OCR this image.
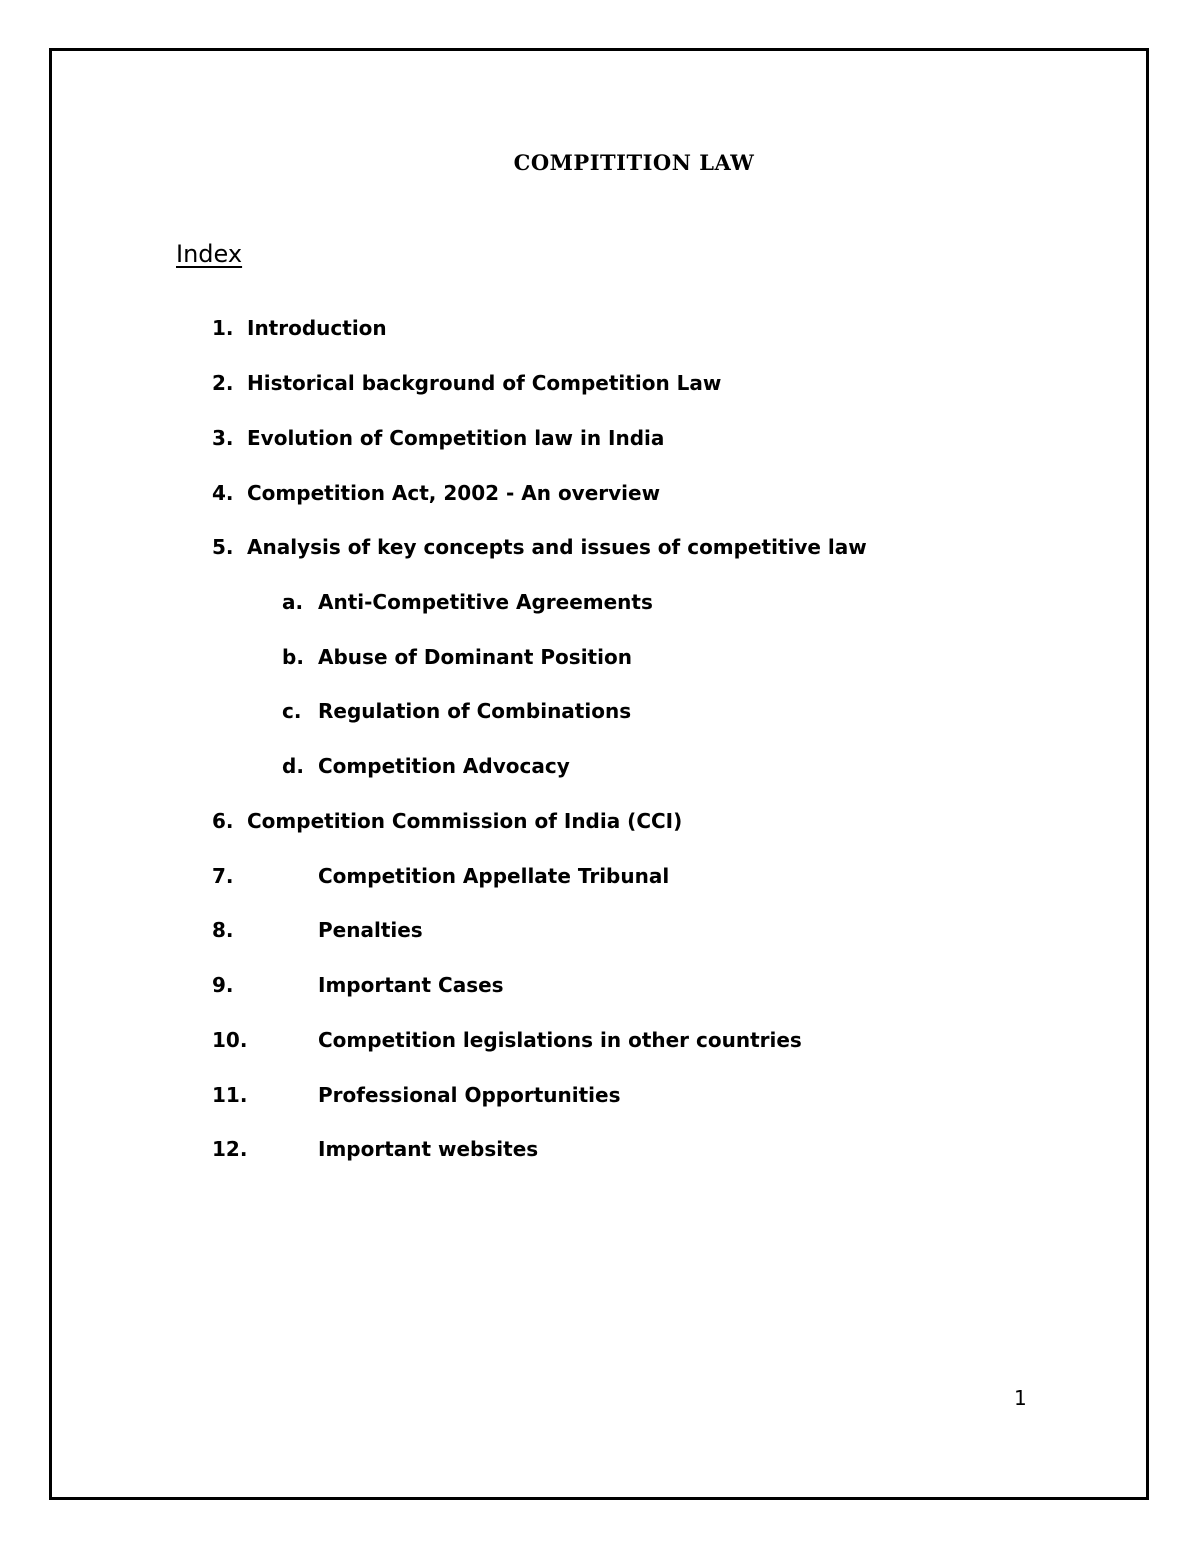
COMPITITION LAW
Index
1. Introduction
2. Historical background of Competition Law
3. Evolution of Competition law in India
4. Competition Act, 2002 - An overview
5. Analysis of key concepts and issues of competitive law
a. Anti-Competitive Agreements
b. Abuse of Dominant Position
c. Regulation of Combinations
d. Competition Advocacy
6. Competition Commission of India (CCI)
7.	Competition Appellate Tribunal
8.	Penalties
9.	Important Cases
10.	Competition legislations in other countries
11.	Professional Opportunities
12.	Important websites
1
